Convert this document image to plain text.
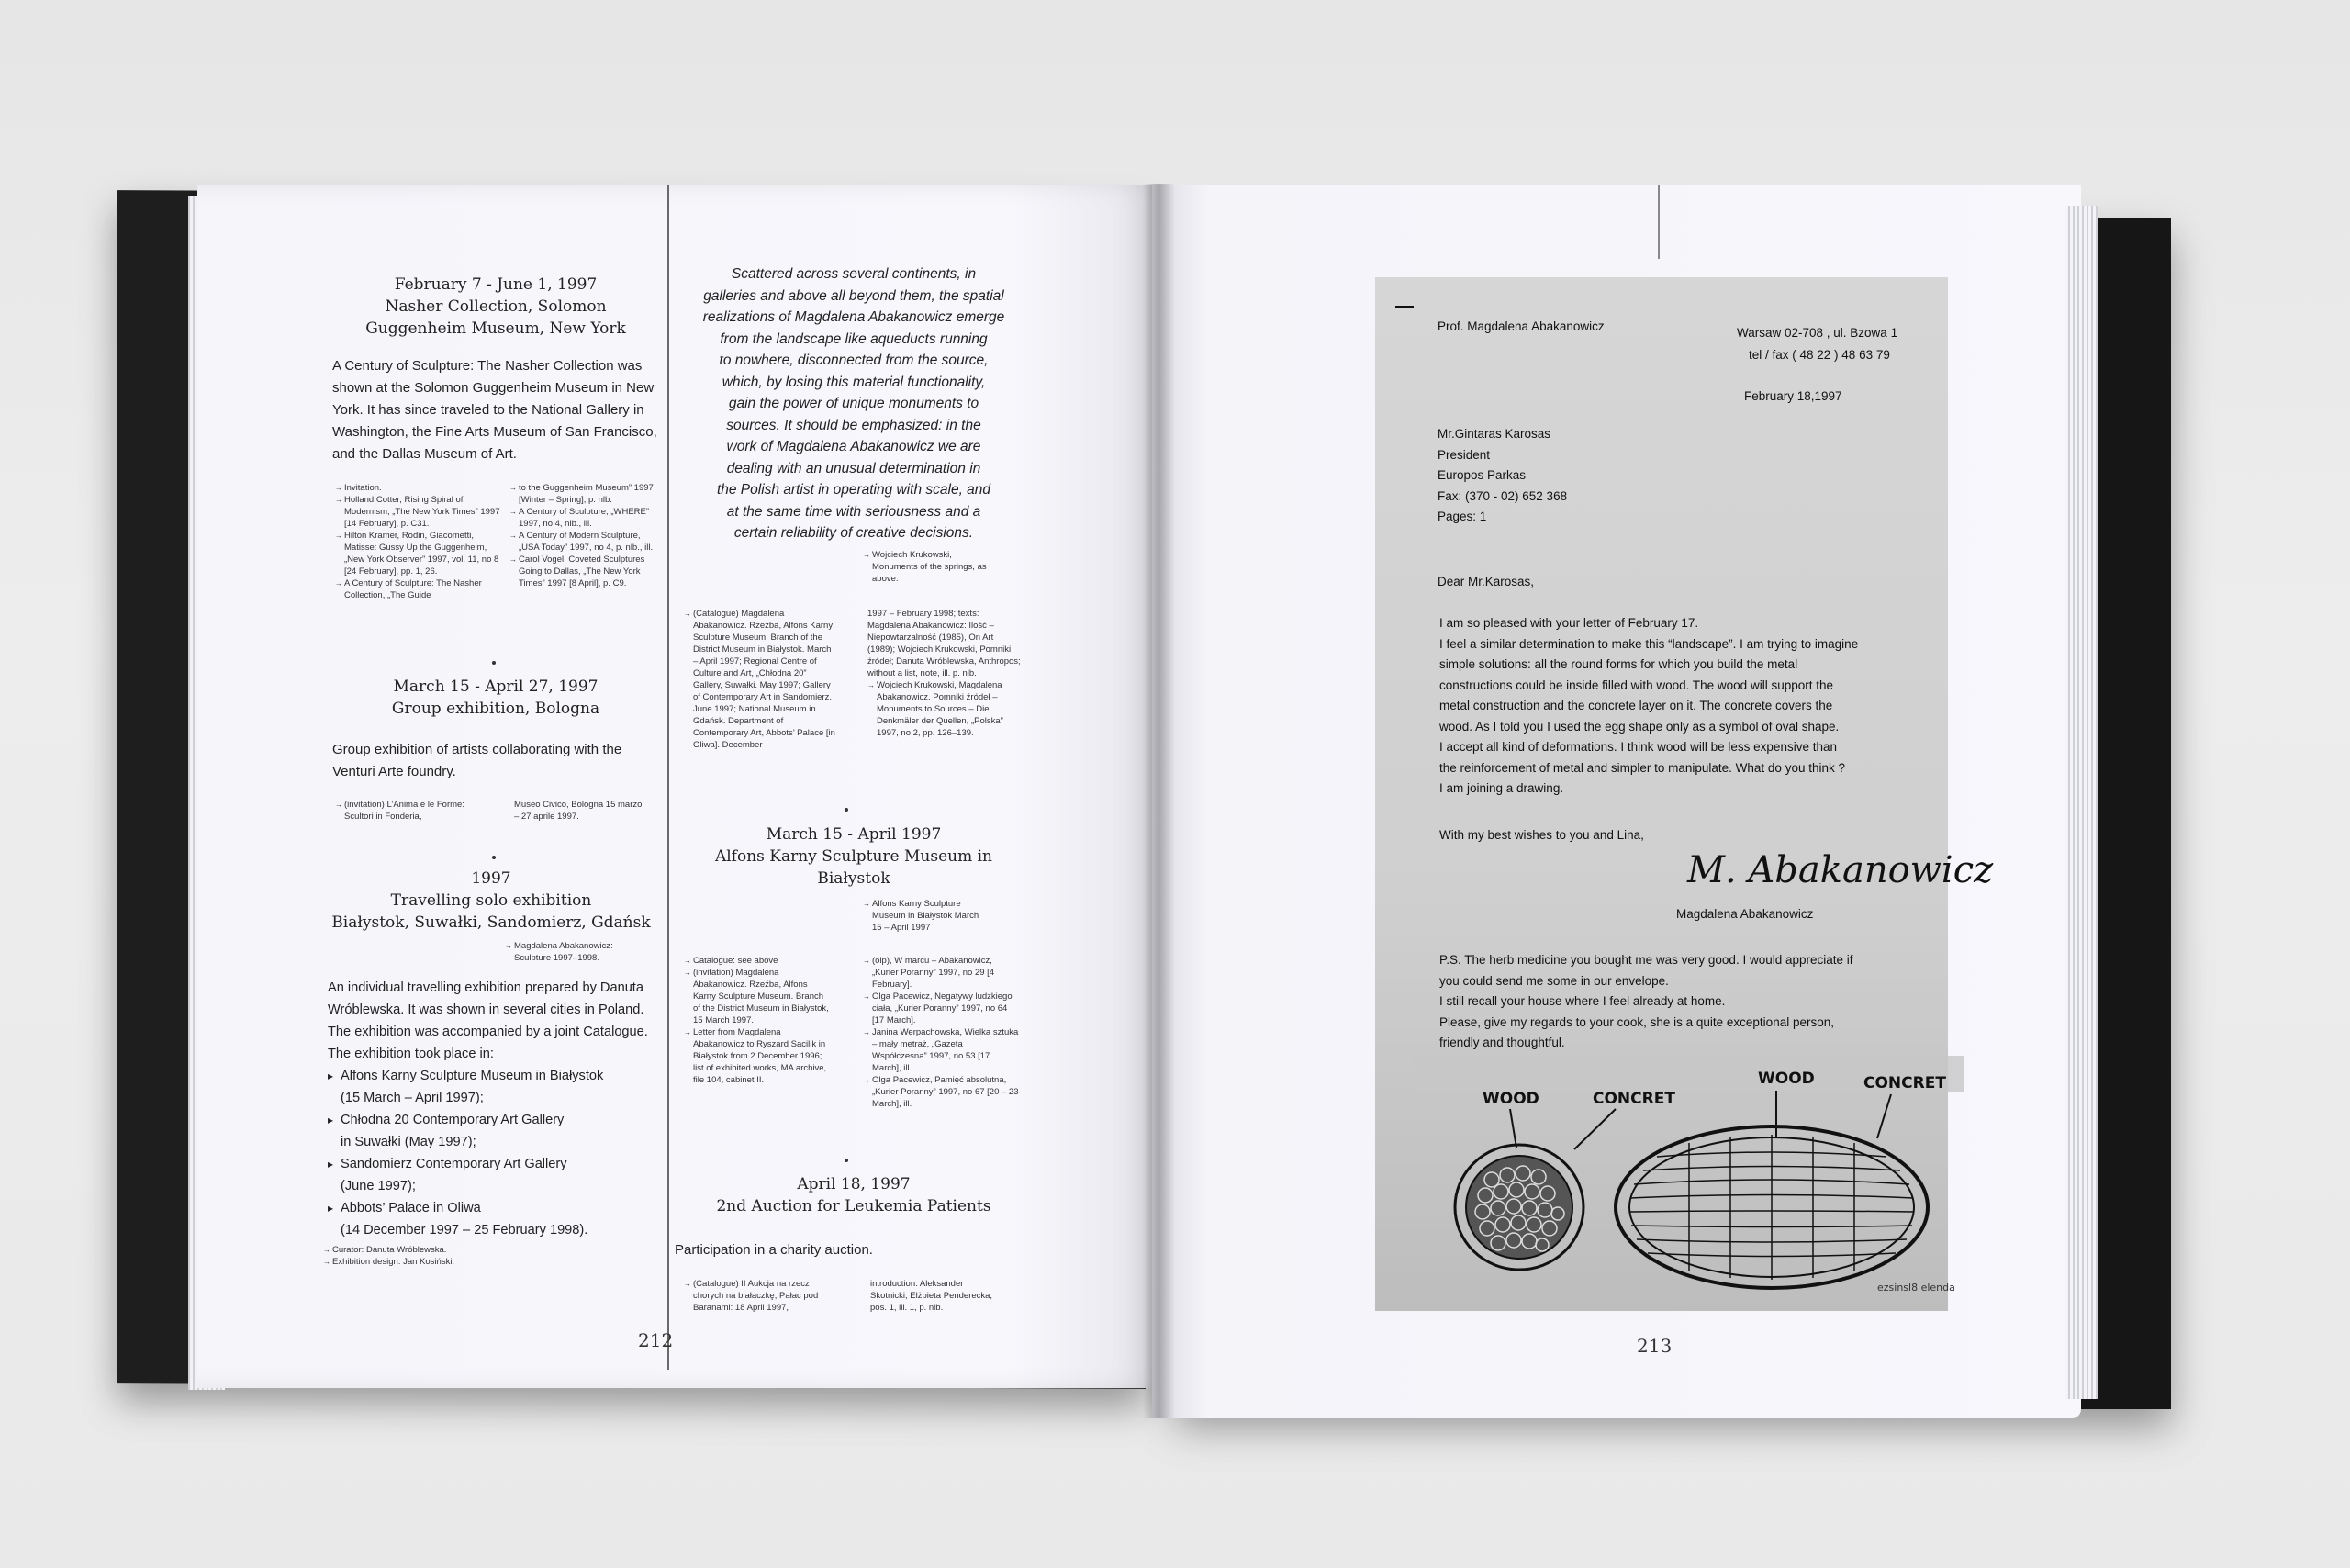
February 7 - June 1, 1997
Nasher Collection, Solomon
Guggenheim Museum, New York
A Century of Sculpture: The Nasher Collection was
shown at the Solomon Guggenheim Museum in New
York. It has since traveled to the National Gallery in
Washington, the Fine Arts Museum of San Francisco,
and the Dallas Museum of Art.

→ Invitation.

→ Holland Cotter, Rising Spiral of Modernism, „The New York Times” 1997 [14 February], p. C31.

→ Hilton Kramer, Rodin, Giacometti, Matisse: Gussy Up the Guggenheim, „New York Observer” 1997, vol. 11, no 8 [24 February], pp. 1, 26.

→ A Century of Sculpture: The Nasher Collection, „The Guide

→ to the Guggenheim Museum” 1997 [Winter – Spring], p. nlb.

→ A Century of Sculpture, „WHERE” 1997, no 4, nlb., ill.

→ A Century of Modern Sculpture, „USA Today” 1997, no 4, p. nlb., ill.

→ Carol Vogel, Coveted Sculptures Going to Dallas, „The New York Times” 1997 [8 April], p. C9.

March 15 - April 27, 1997
Group exhibition, Bologna
Group exhibition of artists collaborating with the
Venturi Arte foundry.

→ (invitation) L’Anima e le Forme: Scultori in Fonderia,

Museo Civico, Bologna 15 marzo – 27 aprile 1997.
1997
Travelling solo exhibition
Białystok, Suwałki, Sandomierz, Gdańsk

→ Magdalena Abakanowicz: Sculpture 1997–1998.

An individual travelling exhibition prepared by Danuta
Wróblewska. It was shown in several cities in Poland.
The exhibition was accompanied by a joint Catalogue.
The exhibition took place in:
▸ Alfons Karny Sculpture Museum in Białystok
(15 March – April 1997);
▸ Chłodna 20 Contemporary Art Gallery
in Suwałki (May 1997);
▸ Sandomierz Contemporary Art Gallery
(June 1997);
▸ Abbots’ Palace in Oliwa
(14 December 1997 – 25 February 1998).

→ Curator: Danuta Wróblewska.

→ Exhibition design: Jan Kosiński.

Scattered across several continents, in
galleries and above all beyond them, the spatial
realizations of Magdalena Abakanowicz emerge
from the landscape like aqueducts running
to nowhere, disconnected from the source,
which, by losing this material functionality,
gain the power of unique monuments to
sources. It should be emphasized: in the
work of Magdalena Abakanowicz we are
dealing with an unusual determination in
the Polish artist in operating with scale, and
at the same time with seriousness and a
certain reliability of creative decisions.

→ Wojciech Krukowski, Monuments of the springs, as above.

→ (Catalogue) Magdalena Abakanowicz. Rzeźba, Alfons Karny Sculpture Museum. Branch of the District Museum in Białystok. March – April 1997; Regional Centre of Culture and Art, „Chłodna 20” Gallery, Suwałki. May 1997; Gallery of Contemporary Art in Sandomierz. June 1997; National Museum in Gdańsk. Department of Contemporary Art, Abbots’ Palace [in Oliwa]. December

1997 – February 1998; texts: Magdalena Abakanowicz: Ilość – Niepowtarzalność (1985), On Art (1989); Wojciech Krukowski, Pomniki źródeł; Danuta Wróblewska, Anthropos; without a list, note, ill. p. nlb.

→ Wojciech Krukowski, Magdalena Abakanowicz. Pomniki źródeł – Monuments to Sources – Die Denkmäler der Quellen, „Polska” 1997, no 2, pp. 126–139.

March 15 - April 1997
Alfons Karny Sculpture Museum in
Białystok

→ Alfons Karny Sculpture Museum in Białystok March 15 – April 1997

→ Catalogue: see above

→ (invitation) Magdalena Abakanowicz. Rzeźba, Alfons Karny Sculpture Museum. Branch of the District Museum in Białystok, 15 March 1997.

→ Letter from Magdalena Abakanowicz to Ryszard Sacilik in Białystok from 2 December 1996; list of exhibited works, MA archive, file 104, cabinet II.

→ (olp), W marcu – Abakanowicz, „Kurier Poranny” 1997, no 29 [4 February].

→ Olga Pacewicz, Negatywy ludzkiego ciała, „Kurier Poranny” 1997, no 64 [17 March].

→ Janina Werpachowska, Wielka sztuka – mały metraż, „Gazeta Współczesna” 1997, no 53 [17 March], ill.

→ Olga Pacewicz, Pamięć absolutna, „Kurier Poranny” 1997, no 67 [20 – 23 March], ill.

April 18, 1997
2nd Auction for Leukemia Patients
Participation in a charity auction.

→ (Catalogue) II Aukcja na rzecz chorych na białaczkę, Pałac pod Baranami: 18 April 1997,

introduction: Aleksander Skotnicki, Elżbieta Penderecka, pos. 1, ill. 1, p. nlb.
212
Prof. Magdalena Abakanowicz	Warsaw 02-708 , ul. Bzowa 1
tel / fax ( 48 22 ) 48 63 79
February 18,1997
Mr.Gintaras Karosas
President
Europos Parkas
Fax: (370 - 02) 652 368
Pages: 1
Dear Mr.Karosas,
I am so pleased with your letter of February 17.
I feel a similar determination to make this “landscape”. I am trying to imagine
simple solutions: all the round forms for which you build the metal
constructions could be inside filled with wood. The wood will support the
metal construction and the concrete layer on it. The concrete covers the
wood. As I told you I used the egg shape only as a symbol of oval shape.
I accept all kind of deformations. I think wood will be less expensive than
the reinforcement of metal and simpler to manipulate. What do you think ?
I am joining a drawing.
With my best wishes to you and Lina,
M. Abakanowicz
Magdalena Abakanowicz
P.S. The herb medicine you bought me was very good. I would appreciate if
you could send me some in our envelope.
I still recall your house where I feel already at home.
Please, give my regards to your cook, she is a quite exceptional person,
friendly and thoughtful.
WOOD	CONCRET
WOOD	CONCRET
ezsinsl8 elenda
213
